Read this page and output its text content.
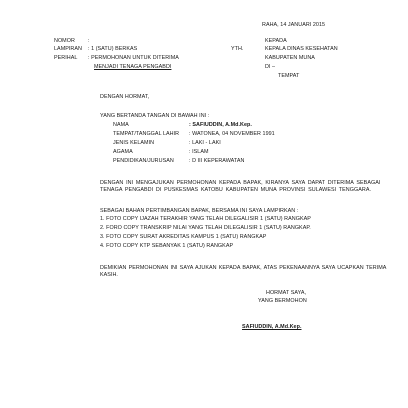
RAHA, 14 JANUARI 2015
NOMOR :
LAMPIRAN : 1 (SATU) BERKAS
PERIHAL : PERMOHONAN UNTUK DITERIMA
MENJADI TENAGA PENGABDI
KEPADA
YTH.	KEPALA DINAS KESEHATAN
KABUPATEN MUNA
DI –
TEMPAT
DENGAN HORMAT,
YANG BERTANDA TANGAN DI BAWAH INI :
NAMA	: SAFIUDDIN, A.Md.Kep.
TEMPAT/TANGGAL LAHIR : WATONEA, 04 NOVEMBER 1991
JENIS KELAMIN	: LAKI - LAKI
AGAMA	: ISLAM
PENDIDIKAN/JURUSAN	: D III KEPERAWATAN
DENGAN INI MENGAJUKAN PERMOHONAN KEPADA BAPAK, KIRANYA SAYA DAPAT DITERIMA SEBAGAI TENAGA PENGABDI DI PUSKESMAS KATOBU KABUPATEN MUNA PROVINSI SULAWESI TENGGARA.
SEBAGAI BAHAN PERTIMBANGAN BAPAK, BERSAMA INI SAYA LAMPIRKAN :
1. FOTO COPY IJAZAH TERAKHIR YANG TELAH DILEGALISIR 1 (SATU) RANGKAP
2. FORO COPY TRANSKRIP NILAI YANG TELAH DILEGALISIR 1 (SATU) RANGKAP.
3. FOTO COPY SURAT AKREDITAS KAMPUS 1 (SATU) RANGKAP
4. FOTO COPY KTP SEBANYAK 1 (SATU) RANGKAP
DEMIKIAN PERMOHONAN INI SAYA AJUKAN KEPADA BAPAK, ATAS PEKENAANNYA SAYA UCAPKAN TERIMA KASIH.
HORMAT SAYA,
YANG BERMOHON
SAFIUDDIN, A.Md.Kep.
